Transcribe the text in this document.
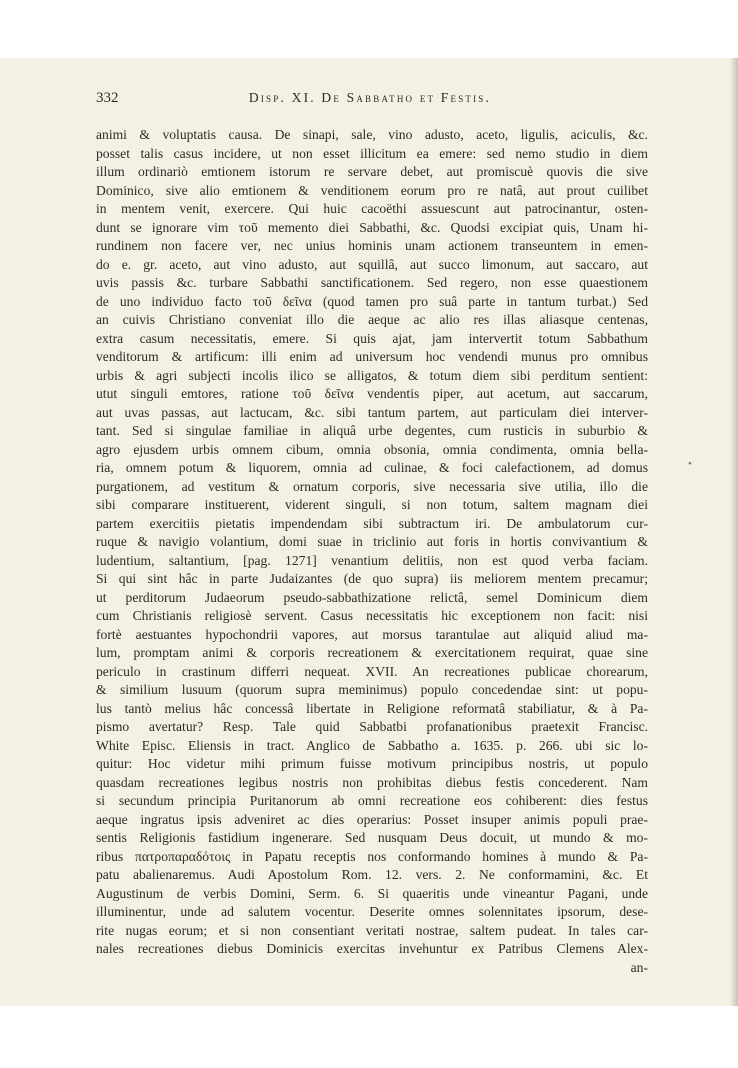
332	Disp. XI. De Sabbatho et Festis.
animi & voluptatis causa. De sinapi, sale, vino adusto, aceto, ligulis, aciculis, &c.
posset talis casus incidere, ut non esset illicitum ea emere: sed nemo studio in diem
illum ordinariò emtionem istorum re servare debet, aut promiscuè quovis die sive
Dominico, sive alio emtionem & venditionem eorum pro re natâ, aut prout cuilibet
in mentem venit, exercere. Qui huic cacoëthi assuescunt aut patrocinantur, osten-
dunt se ignorare vim τοῦ memento diei Sabbathi, &c. Quodsi excipiat quis, Unam hi-
rundinem non facere ver, nec unius hominis unam actionem transeuntem in emen-
do e. gr. aceto, aut vino adusto, aut squillâ, aut succo limonum, aut saccaro, aut
uvis passis &c. turbare Sabbathi sanctificationem. Sed regero, non esse quaestionem
de uno individuo facto τοῦ δεῖνα (quod tamen pro suâ parte in tantum turbat.) Sed
an cuivis Christiano conveniat illo die aeque ac alio res illas aliasque centenas,
extra casum necessitatis, emere. Si quis ajat, jam intervertit totum Sabbathum
venditorum & artificum: illi enim ad universum hoc vendendi munus pro omnibus
urbis & agri subjecti incolis ilico se alligatos, & totum diem sibi perditum sentient:
utut singuli emtores, ratione τοῦ δεῖνα vendentis piper, aut acetum, aut saccarum,
aut uvas passas, aut lactucam, &c. sibi tantum partem, aut particulam diei interver-
tant. Sed si singulae familiae in aliquâ urbe degentes, cum rusticis in suburbio &
agro ejusdem urbis omnem cibum, omnia obsonia, omnia condimenta, omnia bella-
ria, omnem potum & liquorem, omnia ad culinae, & foci calefactionem, ad domus
purgationem, ad vestitum & ornatum corporis, sive necessaria sive utilia, illo die
sibi comparare instituerent, viderent singuli, si non totum, saltem magnam diei
partem exercitiis pietatis impendendam sibi subtractum iri. De ambulatorum cur-
ruque & navigio volantium, domi suae in triclinio aut foris in hortis convivantium &
ludentium, saltantium, [pag. 1271] venantium delitiis, non est quod verba faciam.
Si qui sint hâc in parte Judaizantes (de quo supra) iis meliorem mentem precamur;
ut perditorum Judaeorum pseudo-sabbathizatione relictâ, semel Dominicum diem
cum Christianis religiosè servent. Casus necessitatis hic exceptionem non facit: nisi
fortè aestuantes hypochondrii vapores, aut morsus tarantulae aut aliquid aliud ma-
lum, promptam animi & corporis recreationem & exercitationem requirat, quae sine
periculo in crastinum differri nequeat. XVII. An recreationes publicae chorearum,
& similium lusuum (quorum supra meminimus) populo concedendae sint: ut popu-
lus tantò melius hâc concessâ libertate in Religione reformatâ stabiliatur, & à Pa-
pismo avertatur? Resp. Tale quid Sabbatbi profanationibus praetexit Francisc.
White Episc. Eliensis in tract. Anglico de Sabbatho a. 1635. p. 266. ubi sic lo-
quitur: Hoc videtur mihi primum fuisse motivum principibus nostris, ut populo
quasdam recreationes legibus nostris non prohibitas diebus festis concederent. Nam
si secundum principia Puritanorum ab omni recreatione eos cohiberent: dies festus
aeque ingratus ipsis adveniret ac dies operarius: Posset insuper animis populi prae-
sentis Religionis fastidium ingenerare. Sed nusquam Deus docuit, ut mundo & mo-
ribus πατροπαραδότοις in Papatu receptis nos conformando homines à mundo & Pa-
patu abalienaremus. Audi Apostolum Rom. 12. vers. 2. Ne conformamini, &c. Et
Augustinum de verbis Domini, Serm. 6. Si quaeritis unde vineantur Pagani, unde
illuminentur, unde ad salutem vocentur. Deserite omnes solennitates ipsorum, dese-
rite nugas eorum; et si non consentiant veritati nostrae, saltem pudeat. In tales car-
nales recreationes diebus Dominicis exercitas invehuntur ex Patribus Clemens Alex-
an-
•
